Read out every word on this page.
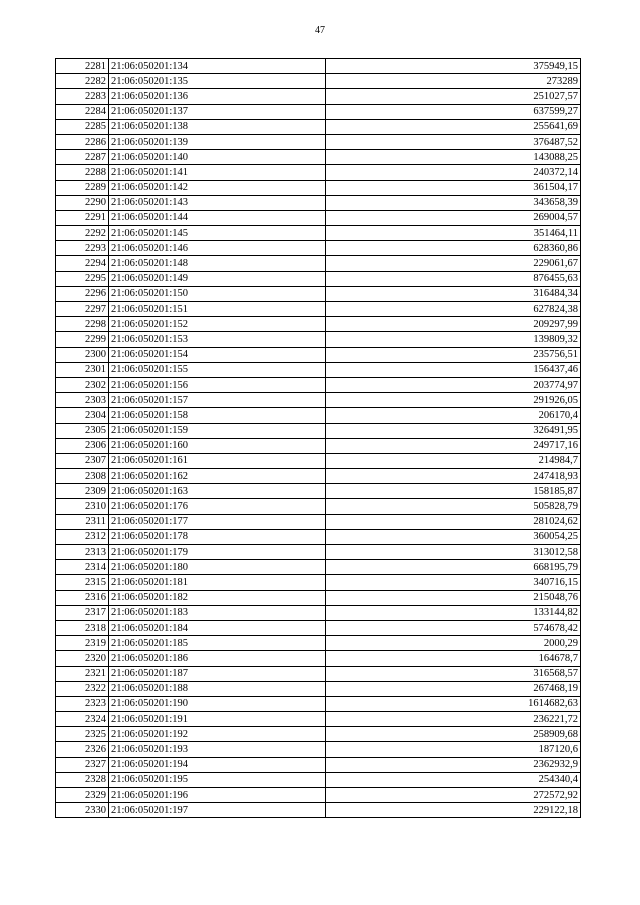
47
2281	21:06:050201:134	375949,15
2282	21:06:050201:135	273289
2283	21:06:050201:136	251027,57
2284	21:06:050201:137	637599,27
2285	21:06:050201:138	255641,69
2286	21:06:050201:139	376487,52
2287	21:06:050201:140	143088,25
2288	21:06:050201:141	240372,14
2289	21:06:050201:142	361504,17
2290	21:06:050201:143	343658,39
2291	21:06:050201:144	269004,57
2292	21:06:050201:145	351464,11
2293	21:06:050201:146	628360,86
2294	21:06:050201:148	229061,67
2295	21:06:050201:149	876455,63
2296	21:06:050201:150	316484,34
2297	21:06:050201:151	627824,38
2298	21:06:050201:152	209297,99
2299	21:06:050201:153	139809,32
2300	21:06:050201:154	235756,51
2301	21:06:050201:155	156437,46
2302	21:06:050201:156	203774,97
2303	21:06:050201:157	291926,05
2304	21:06:050201:158	206170,4
2305	21:06:050201:159	326491,95
2306	21:06:050201:160	249717,16
2307	21:06:050201:161	214984,7
2308	21:06:050201:162	247418,93
2309	21:06:050201:163	158185,87
2310	21:06:050201:176	505828,79
2311	21:06:050201:177	281024,62
2312	21:06:050201:178	360054,25
2313	21:06:050201:179	313012,58
2314	21:06:050201:180	668195,79
2315	21:06:050201:181	340716,15
2316	21:06:050201:182	215048,76
2317	21:06:050201:183	133144,82
2318	21:06:050201:184	574678,42
2319	21:06:050201:185	2000,29
2320	21:06:050201:186	164678,7
2321	21:06:050201:187	316568,57
2322	21:06:050201:188	267468,19
2323	21:06:050201:190	1614682,63
2324	21:06:050201:191	236221,72
2325	21:06:050201:192	258909,68
2326	21:06:050201:193	187120,6
2327	21:06:050201:194	2362932,9
2328	21:06:050201:195	254340,4
2329	21:06:050201:196	272572,92
2330	21:06:050201:197	229122,18
